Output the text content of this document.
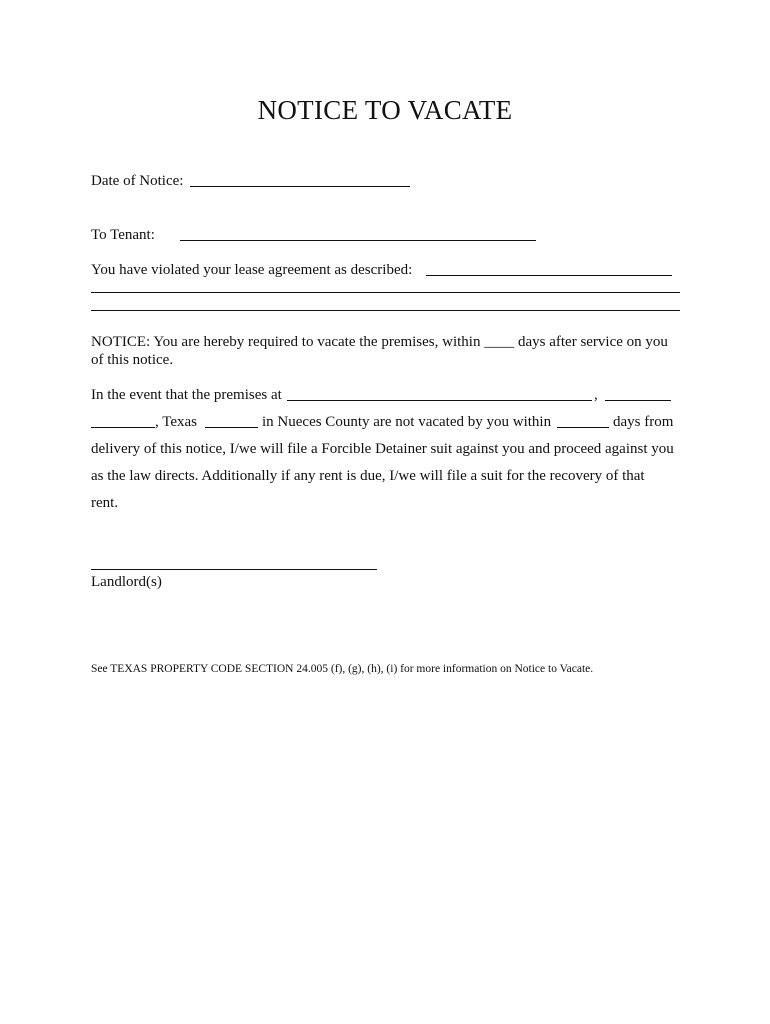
NOTICE TO VACATE
Date of Notice:
To Tenant:
You have violated your lease agreement as described:
NOTICE: You are hereby required to vacate the premises, within ____ days after service on you
of this notice.
In the event that the premises at	,
, Texas	in Nueces County are not vacated by you within	days from
delivery of this notice, I/we will file a Forcible Detainer suit against you and proceed against you
as the law directs. Additionally if any rent is due, I/we will file a suit for the recovery of that
rent.
Landlord(s)
See TEXAS PROPERTY CODE SECTION 24.005 (f), (g), (h), (i) for more information on Notice to Vacate.
